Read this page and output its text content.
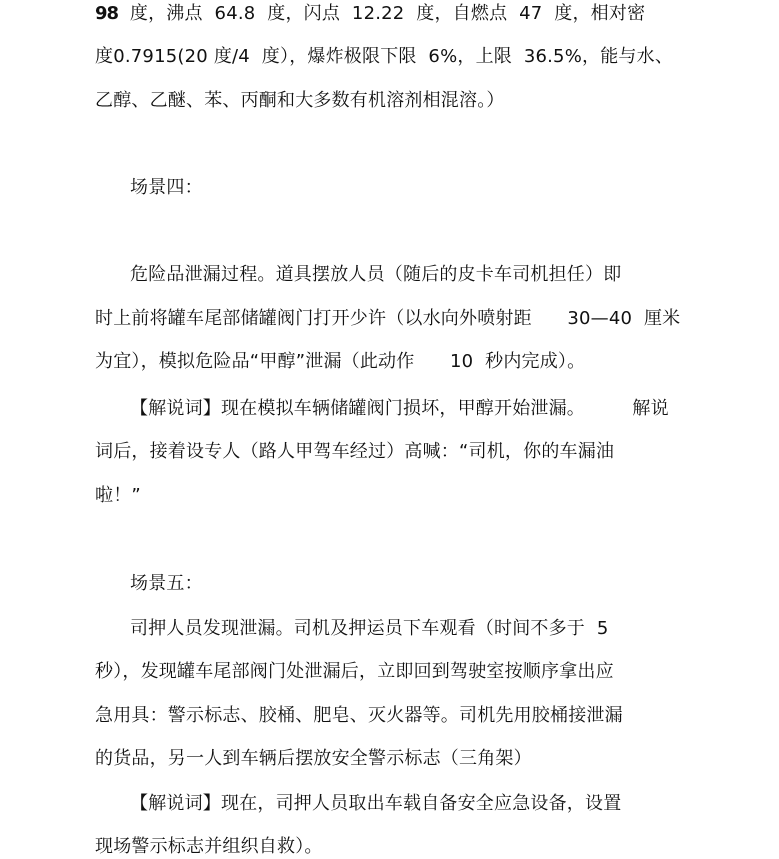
98  度，沸点  64.8  度，闪点  12.22  度，自燃点  47  度，相对密
度0.7915(20 度/4  度），爆炸极限下限  6%，上限  36.5%，能与水、
乙醇、乙醚、苯、丙酮和大多数有机溶剂相混溶。）
场景四：
危险品泄漏过程。道具摆放人员（随后的皮卡车司机担任）即
时上前将罐车尾部储罐阀门打开少许（以水向外喷射距      30—40  厘米
为宜），模拟危险品“甲醇”泄漏（此动作      10  秒内完成）。
【解说词】现在模拟车辆储罐阀门损坏，甲醇开始泄漏。        解说
词后，接着设专人（路人甲驾车经过）高喊：“司机，你的车漏油
啦！”
场景五：
司押人员发现泄漏。司机及押运员下车观看（时间不多于  5
秒），发现罐车尾部阀门处泄漏后，立即回到驾驶室按顺序拿出应
急用具：警示标志、胶桶、肥皂、灭火器等。司机先用胶桶接泄漏
的货品，另一人到车辆后摆放安全警示标志（三角架）
【解说词】现在，司押人员取出车载自备安全应急设备，设置
现场警示标志并组织自救）。
